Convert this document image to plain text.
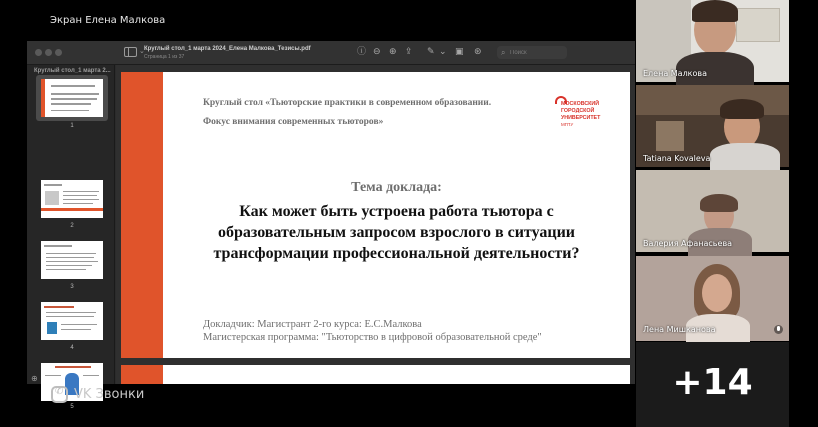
Экран Елена Малкова
⌄ Круглый стол_1 марта 2024_Елена Малкова_Тезисы.pdf
Страница 1 из 37	ⓘ ⊖ ⊕ ⇪ ✎ ⌄ ▣ ⊛ ⌕
Поиск
Круглый стол_1 марта 2...
1
2
3
4
5
Круглый стол «Тьюторские практики в современном образовании.
Фокус внимания современных тьюторов»
МОСКОВСКИЙ
ГОРОДСКОЙ
УНИВЕРСИТЕТ
МГПУ
Тема доклада:
Как может быть устроена работа тьютора с
образовательным запросом взрослого в ситуации
трансформации профессиональной деятельности?
Докладчик: Магистрант 2-го курса: Е.С.Малкова
Магистерская программа: "Тьюторство в цифровой образовательной среде"
⊕
✆ VK Звонки
Елена Малкова
Tatiana Kovaleva
Валерия Афанасьева
Лена Мишканова
+14
